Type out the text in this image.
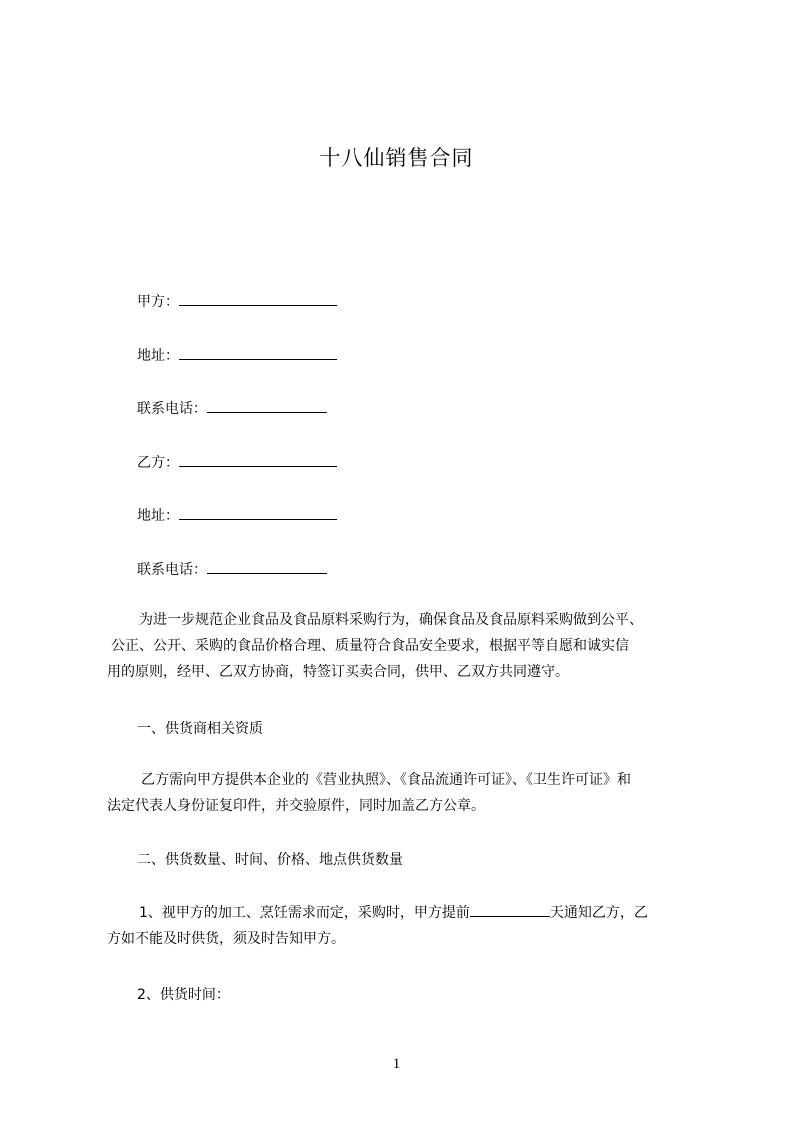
十八仙销售合同
甲方：
地址：
联系电话：
乙方：
地址：
联系电话：

为进一步规范企业食品及食品原料采购行为，确保食品及食品原料采购做到公平、

公正、公开、采购的食品价格合理、质量符合食品安全要求，根据平等自愿和诚实信

用的原则，经甲、乙双方协商，特签订买卖合同，供甲、乙双方共同遵守。

一、供货商相关资质

乙方需向甲方提供本企业的《营业执照》、《食品流通许可证》、《卫生许可证》和

法定代表人身份证复印件，并交验原件，同时加盖乙方公章。

二、供货数量、时间、价格、地点供货数量

1、视甲方的加工、烹饪需求而定，采购时，甲方提前	天通知乙方，乙

方如不能及时供货，须及时告知甲方。

2、供货时间：
1
